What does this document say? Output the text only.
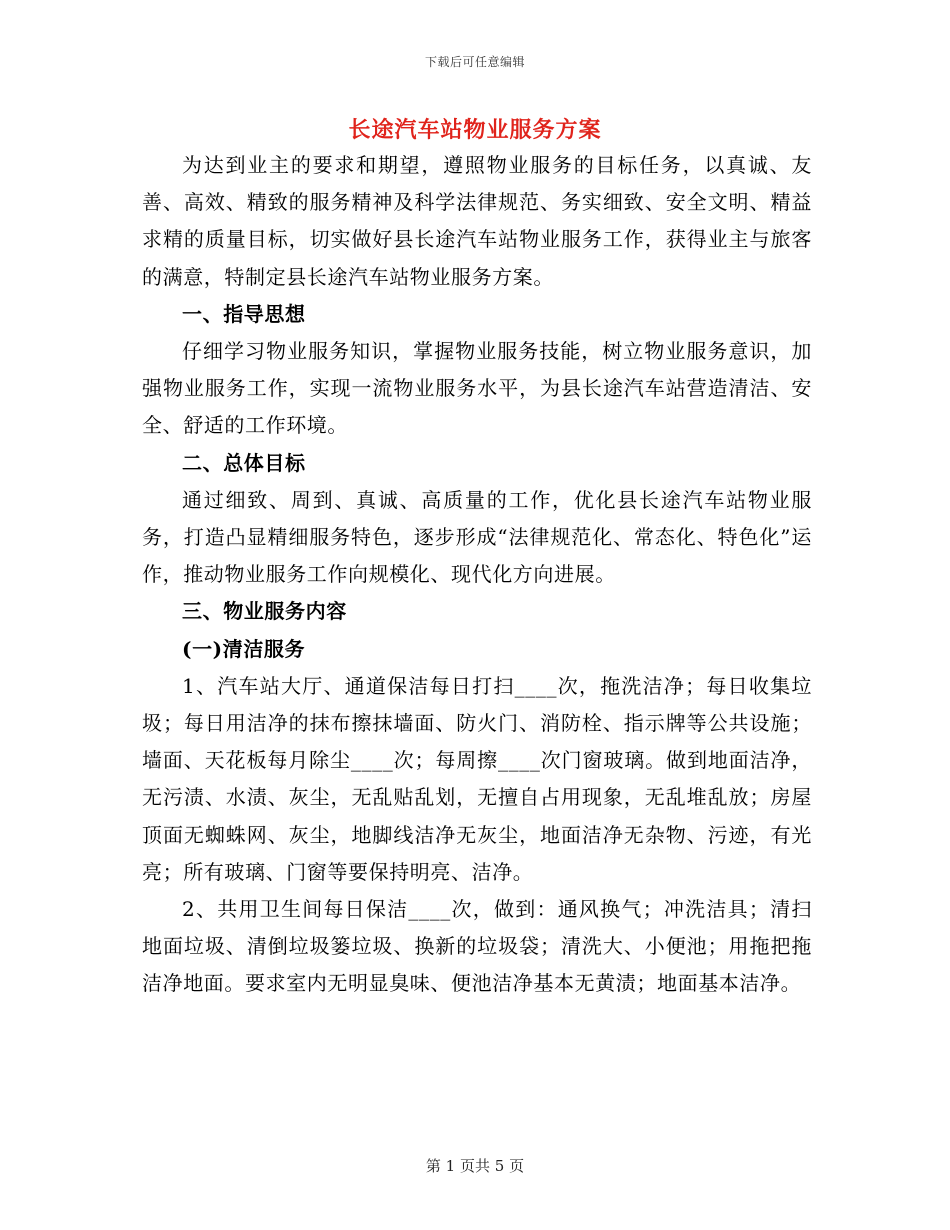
下载后可任意编辑
长途汽车站物业服务方案

为达到业主的要求和期望，遵照物业服务的目标任务，以真诚、友善、高效、精致的服务精神及科学法律规范、务实细致、安全文明、精益求精的质量目标，切实做好县长途汽车站物业服务工作，获得业主与旅客的满意，特制定县长途汽车站物业服务方案。

一、指导思想

仔细学习物业服务知识，掌握物业服务技能，树立物业服务意识，加强物业服务工作，实现一流物业服务水平，为县长途汽车站营造清洁、安全、舒适的工作环境。

二、总体目标

通过细致、周到、真诚、高质量的工作，优化县长途汽车站物业服务，打造凸显精细服务特色，逐步形成“法律规范化、常态化、特色化”运作，推动物业服务工作向规模化、现代化方向进展。

三、物业服务内容

(一)清洁服务

1、汽车站大厅、通道保洁每日打扫____次，拖洗洁净；每日收集垃圾；每日用洁净的抹布擦抹墙面、防火门、消防栓、指示牌等公共设施；墙面、天花板每月除尘____次；每周擦____次门窗玻璃。做到地面洁净，无污渍、水渍、灰尘，无乱贴乱划，无擅自占用现象，无乱堆乱放；房屋顶面无蜘蛛网、灰尘，地脚线洁净无灰尘，地面洁净无杂物、污迹，有光亮；所有玻璃、门窗等要保持明亮、洁净。

2、共用卫生间每日保洁____次，做到：通风换气；冲洗洁具；清扫地面垃圾、清倒垃圾篓垃圾、换新的垃圾袋；清洗大、小便池；用拖把拖洁净地面。要求室内无明显臭味、便池洁净基本无黄渍；地面基本洁净。

第 1 页共 5 页
